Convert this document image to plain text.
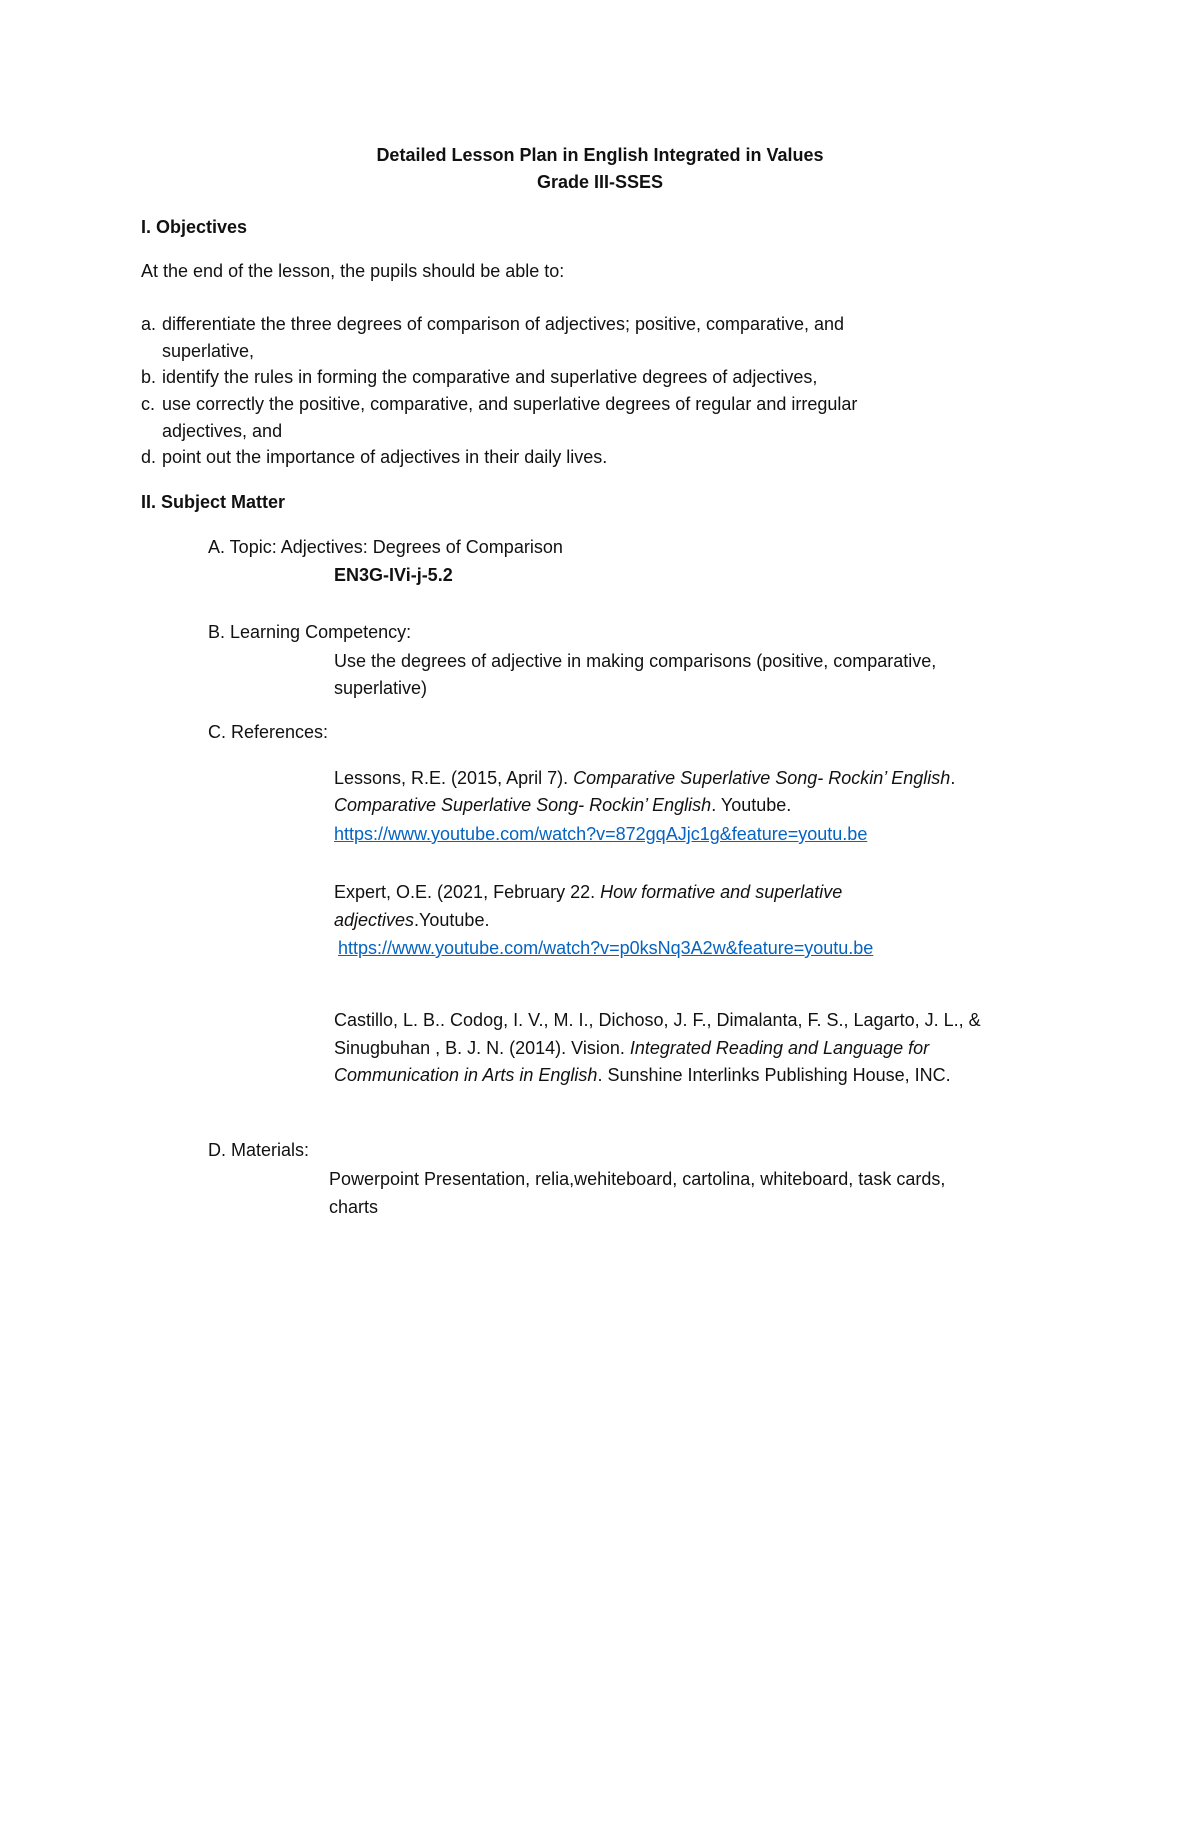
Detailed Lesson Plan in English Integrated in Values
Grade III-SSES
I. Objectives
At the end of the lesson, the pupils should be able to:
a. differentiate the three degrees of comparison of adjectives; positive, comparative, and
superlative,
b. identify the rules in forming the comparative and superlative degrees of adjectives,
c. use correctly the positive, comparative, and superlative degrees of regular and irregular
adjectives, and
d. point out the importance of adjectives in their daily lives.
II. Subject Matter
A. Topic: Adjectives: Degrees of Comparison
EN3G-IVi-j-5.2
B. Learning Competency:
Use the degrees of adjective in making comparisons (positive, comparative,
superlative)
C. References:
Lessons, R.E. (2015, April 7). Comparative Superlative Song- Rockin’ English.
Comparative Superlative Song- Rockin’ English. Youtube.
https://www.youtube.com/watch?v=872gqAJjc1g&feature=youtu.be
Expert, O.E. (2021, February 22. How formative and superlative
adjectives.Youtube.
https://www.youtube.com/watch?v=p0ksNq3A2w&feature=youtu.be
Castillo, L. B.. Codog, I. V., M. I., Dichoso, J. F., Dimalanta, F. S., Lagarto, J. L., &
Sinugbuhan , B. J. N. (2014). Vision. Integrated Reading and Language for
Communication in Arts in English. Sunshine Interlinks Publishing House, INC.
D. Materials:
Powerpoint Presentation, relia,wehiteboard, cartolina, whiteboard, task cards,
charts
